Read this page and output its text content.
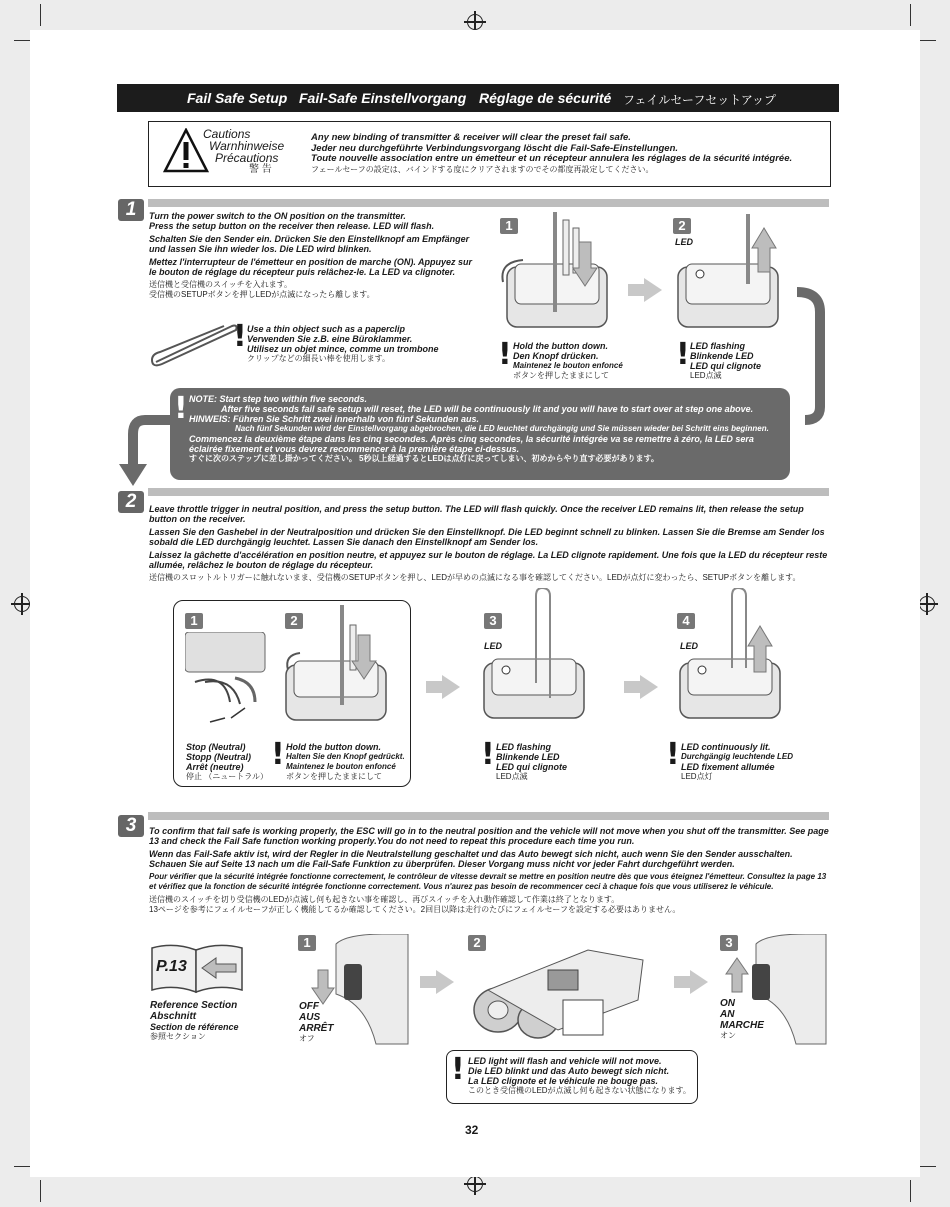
Fail Safe Setup Fail-Safe Einstellvorgang Réglage de sécurité フェイルセーフセットアップ
Cautions
Warnhinweise
Précautions
警 告
Any new binding of transmitter & receiver will clear the preset fail safe.
Jeder neu durchgeführte Verbindungsvorgang löscht die Fail-Safe-Einstellungen.
Toute nouvelle association entre un émetteur et un récepteur annulera les réglages de la sécurité intégrée.
フェールセーフの設定は、バインドする度にクリアされますのでその都度再設定してください。
1	Turn the power switch to the ON position on the transmitter.
Press the setup button on the receiver then release. LED will flash.

Schalten Sie den Sender ein. Drücken Sie den Einstellknopf am Empfänger und lassen Sie ihn wieder los. Die LED wird blinken.

Mettez l'interrupteur de l'émetteur en position de marche (ON). Appuyez sur le bouton de réglage du récepteur puis relâchez-le. La LED va clignoter.

送信機と受信機のスイッチを入れます。
受信機のSETUPボタンを押しLEDが点滅になったら離します。

! Use a thin object such as a paperclip

Verwenden Sie z.B. eine Büroklammer.

Utilisez un objet mince, comme un trombone

クリップなどの細長い棒を使用します。

1	2
LED
! Hold the button down.

Den Knopf drücken.

Maintenez le bouton enfoncé

ボタンを押したままにして

! LED flashing

Blinkende LED

LED qui clignote

LED点滅

! NOTE: Start step two within five seconds.

After five seconds fail safe setup will reset, the LED will be continuously lit and you will have to start over at step one above.

HINWEIS: Führen Sie Schritt zwei innerhalb von fünf Sekunden aus.

Nach fünf Sekunden wird der Einstellvorgang abgebrochen, die LED leuchtet durchgängig und Sie müssen wieder bei Schritt eins beginnen.

Commencez la deuxième étape dans les cinq secondes. Après cinq secondes, la sécurité intégrée va se remettre à zéro, la LED sera éclairée fixement et vous devrez recommencer à la première étape ci-dessus.

すぐに次のステップに差し掛かってください。 5秒以上経過するとLEDは点灯に戻ってしまい、初めからやり直す必要があります。

2	Leave throttle trigger in neutral position, and press the setup button. The LED will flash quickly. Once the receiver LED remains lit, then release the setup button on the receiver.

Lassen Sie den Gashebel in der Neutralposition und drücken Sie den Einstellknopf. Die LED beginnt schnell zu blinken. Lassen Sie die Bremse am Sender los sobald die LED durchgängig leuchtet. Lassen Sie danach den Einstellknopf am Sender los.

Laissez la gâchette d'accélération en position neutre, et appuyez sur le bouton de réglage. La LED clignote rapidement. Une fois que la LED du récepteur reste allumée, relâchez le bouton de réglage du récepteur.

送信機のスロットルトリガーに触れないまま、受信機のSETUPボタンを押し、LEDが早めの点滅になる事を確認してください。LEDが点灯に変わったら、SETUPボタンを離します。

1	2	3
LED
4
LED

Stop (Neutral)

Stopp (Neutral)

Arrêt (neutre)

停止 （ニュートラル）

! Hold the button down.

Halten Sie den Knopf gedrückt.

Maintenez le bouton enfoncé

ボタンを押したままにして

! LED flashing

Blinkende LED

LED qui clignote

LED点滅

! LED continuously lit.

Durchgängig leuchtende LED

LED fixement allumée

LED点灯

3	To confirm that fail safe is working properly, the ESC will go in to the neutral position and the vehicle will not move when you shut off the transmitter. See page 13 and check the Fail Safe function working properly.You do not need to repeat this procedure each time you run.

Wenn das Fail-Safe aktiv ist, wird der Regler in die Neutralstellung geschaltet und das Auto bewegt sich nicht, auch wenn Sie den Sender ausschalten. Schauen Sie auf Seite 13 nach um die Fail-Safe Funktion zu überprüfen. Dieser Vorgang muss nicht vor jeder Fahrt durchgeführt werden.

Pour vérifier que la sécurité intégrée fonctionne correctement, le contrôleur de vitesse devrait se mettre en position neutre dès que vous éteignez l'émetteur. Consultez la page 13 et vérifiez que la fonction de sécurité intégrée fonctionne correctement. Vous n'aurez pas besoin de recommencer ceci à chaque fois que vous utiliserez le véhicule.

送信機のスイッチを切り受信機のLEDが点滅し何も起きない事を確認し、再びスイッチを入れ動作確認して作業は終了となります。
13ページを参考にフェイルセーフが正しく機能してるか確認してください。2回目以降は走行のたびにフェイルセーフを設定する必要はありません。

P.13

Reference Section

Abschnitt

Section de référence

参照セクション

1

OFF

AUS

ARRÊT

オフ

2	3

ON

AN

MARCHE

オン

! LED light will flash and vehicle will not move.

Die LED blinkt und das Auto bewegt sich nicht.

La LED clignote et le véhicule ne bouge pas.

このとき受信機のLEDが点滅し何も起きない状態になります。

32
